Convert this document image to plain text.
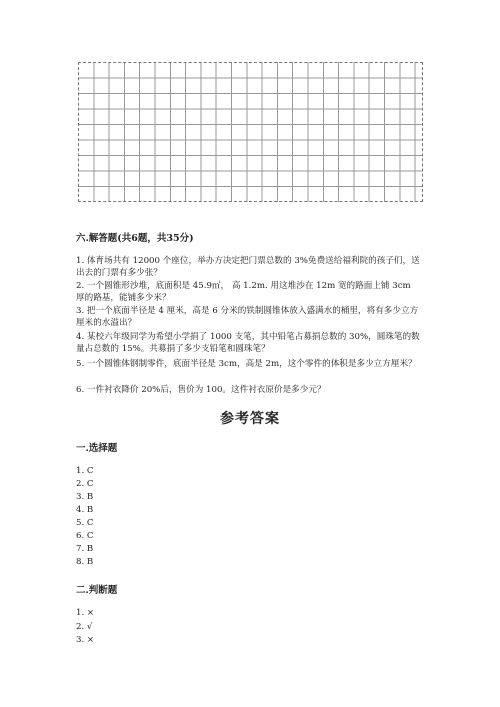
六.解答题(共6题，共35分)
1. 体育场共有 12000 个座位，举办方决定把门票总数的 3%免费送给福利院的孩子们，送出去的门票有多少张？
2. 一个圆锥形沙堆，底面积是 45.9㎡， 高 1.2m. 用这堆沙在 12m 宽的路面上铺 3cm 厚的路基，能铺多少米？
3. 把一个底面半径是 4 厘米，高是 6 分米的铁制圆锥体放入盛满水的桶里，将有多少立方厘米的水溢出？
4. 某校六年级同学为希望小学捐了 1000 支笔，其中铅笔占募捐总数的 30%，圆珠笔的数量占总数的 15%。共募捐了多少支铅笔和圆珠笔？
5. 一个圆锥体钢制零件，底面半径是 3cm，高是 2m，这个零件的体积是多少立方厘米？
6. 一件衬衣降价 20%后，售价为 100。这件衬衣原价是多少元？
参考答案
一.选择题
1. C
2. C
3. B
4. B
5. C
6. C
7. B
8. B
二.判断题
1. ×
2. √
3. ×
